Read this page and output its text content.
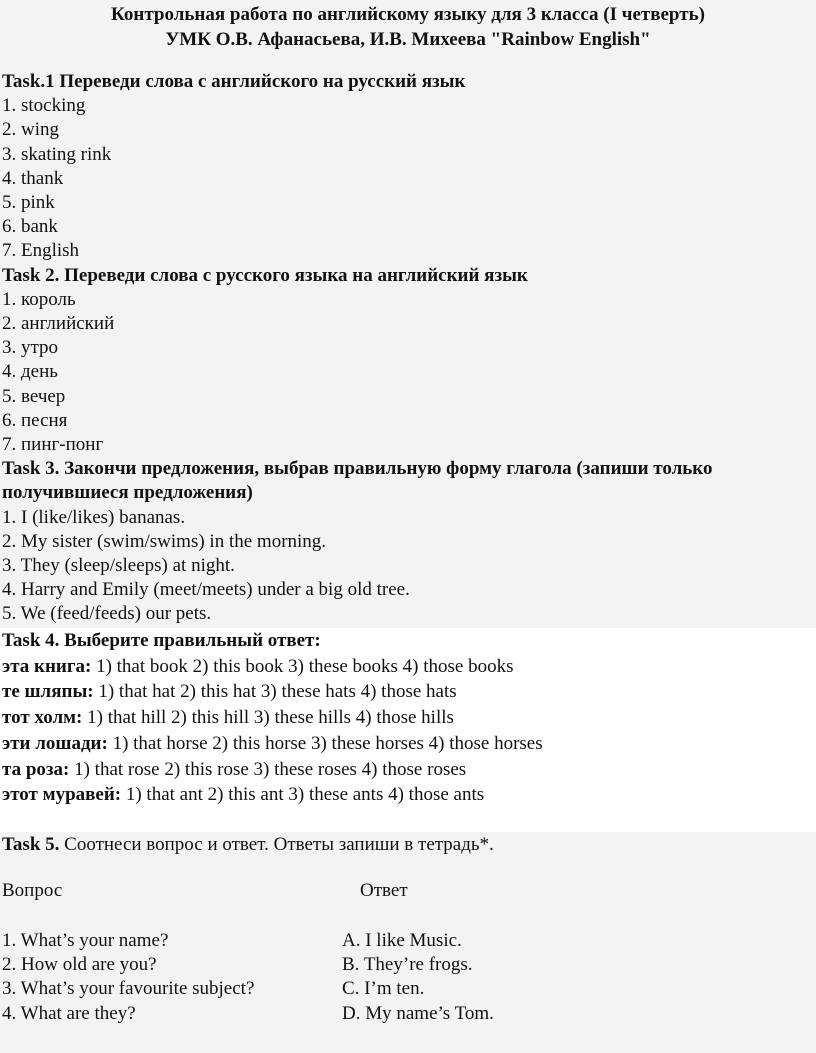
Контрольная работа по английскому языку для 3 класса (I четверть)
УМК О.В. Афанасьева, И.В. Михеева "Rainbow English"
Task.1 Переведи слова с английского на русский язык
1. stocking
2. wing
3. skating rink
4. thank
5. pink
6. bank
7. English
Task 2. Переведи слова с русского языка на английский язык
1. король
2. английский
3. утро
4. день
5. вечер
6. песня
7. пинг-понг
Task 3. Закончи предложения, выбрав правильную форму глагола (запиши только получившиеся предложения)
1. I (like/likes) bananas.
2. My sister (swim/swims) in the morning.
3. They (sleep/sleeps) at night.
4. Harry and Emily (meet/meets) under a big old tree.
5. We (feed/feeds) our pets.
Task 4. Выберите правильный ответ:
эта книга: 1) that book 2) this book 3) these books 4) those books
те шляпы: 1) that hat 2) this hat 3) these hats 4) those hats
тот холм: 1) that hill 2) this hill 3) these hills 4) those hills
эти лошади: 1) that horse 2) this horse 3) these horses 4) those horses
та роза: 1) that rose 2) this rose 3) these roses 4) those roses
этот муравей: 1) that ant 2) this ant 3) these ants 4) those ants
Task 5. Соотнеси вопрос и ответ. Ответы запиши в тетрадь*.
Вопрос	Ответ
1. What’s your name?	A. I like Music.
2. How old are you?	B. They’re frogs.
3. What’s your favourite subject?	C. I’m ten.
4. What are they?	D. My name’s Tom.
